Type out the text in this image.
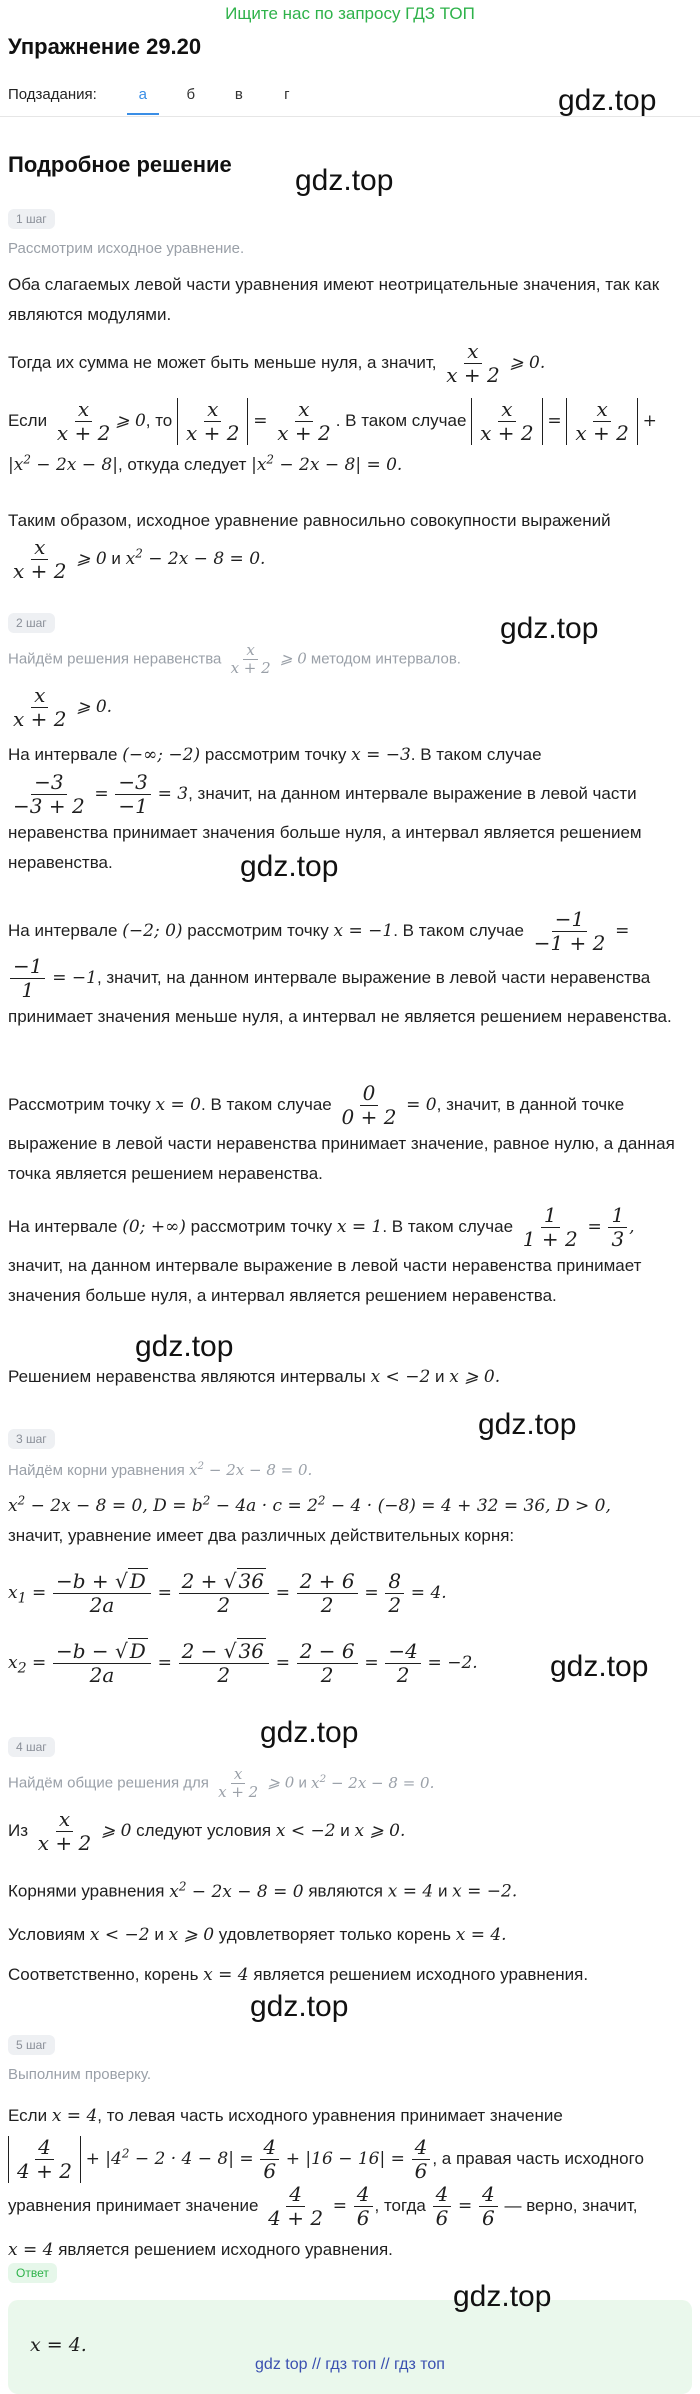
Ищите нас по запросу ГДЗ ТОП
Упражнение 29.20
Подзадания:	а	б	в	г	gdz.top
Подробное решение gdz.top
1 шаг
Рассмотрим исходное уравнение.
Оба слагаемых левой части уравнения имеют неотрицательные значения, так как являются модулями.
Тогда их сумма не может быть меньше нуля, а значит, $\frac{x}{x + 2}$ ⩾ 0.
Если $\frac{x}{x + 2}$ ⩾ 0, то $\frac{x}{x + 2} = \frac{x}{x + 2}$ . В таком случае $\frac{x}{x + 2} = \frac{x}{x + 2} + |x^2 - 2x - 8|$, откуда следует $|x^2 - 2x - 8| = 0$.
Таким образом, исходное уравнение равносильно совокупности выражений

$\frac{x}{x + 2}$ ⩾ 0 и $x^2 - 2x - 8 = 0$.
2 шаг	gdz.top
Найдём решения неравенства $\frac{x}{x + 2}$ ⩾ 0 методом интервалов.
$\frac{x}{x + 2}$ ⩾ 0.
На интервале (−∞; −2) рассмотрим точку x = −3. В таком случае

$\frac{-3}{-3 + 2} = \frac{-3}{-1} = 3$, значит, на данном интервале выражение в левой части неравенства принимает значения больше нуля, а интервал является решением неравенства.	gdz.top
На интервале (−2; 0) рассмотрим точку x = −1. В таком случае $\frac{-1}{-1 + 2}$ =

$\frac{-1}{1} = -1$, значит, на данном интервале выражение в левой части неравенства принимает значения меньше нуля, а интервал не является решением неравенства.
Рассмотрим точку x = 0. В таком случае $\frac{0}{0 + 2} = 0$, значит, в данной точке выражение в левой части неравенства принимает значение, равное нулю, а данная точка является решением неравенства.
На интервале (0; +∞) рассмотрим точку x = 1. В таком случае $\frac{1}{1 + 2} = \frac{1}{3}$ , значит, на данном интервале выражение в левой части неравенства принимает значения больше нуля, а интервал является решением неравенства.
gdz.top
Решением неравенства являются интервалы x < −2 и x ⩾ 0.
gdz.top
3 шаг
Найдём корни уравнения $x^2 - 2x - 8 = 0$.
$x^2 - 2x - 8 = 0$, $D = b^2 - 4a \cdot c = 2^2 - 4 \cdot (-8) = 4 + 32 = 36$, D > 0,
значит, уравнение имеет два различных действительных корня:
$x_1 = \frac{-b + √ D}{2a} = \frac{2 + √ 36}{2} = \frac{2 + 6}{2} = \frac{8}{2} = 4$.
$x_2 = \frac{-b - √ D}{2a} = \frac{2 - √ 36}{2} = \frac{2 - 6}{2} = \frac{-4}{2} = -2$.	gdz.top
gdz.top
4 шаг
Найдём общие решения для $\frac{x}{x + 2}$ ⩾ 0 и $x^2 - 2x - 8 = 0$.
Из $\frac{x}{x + 2}$ ⩾ 0 следуют условия x < −2 и x ⩾ 0.
Корнями уравнения $x^2 - 2x - 8 = 0$ являются x = 4 и x = −2.
Условиям x < −2 и x ⩾ 0 удовлетворяет только корень x = 4.
Соответственно, корень x = 4 является решением исходного уравнения.
gdz.top
5 шаг
Выполним проверку.
Если x = 4, то левая часть исходного уравнения принимает значение

$\frac{4}{4 + 2} + |4^2 - 2 \cdot 4 - 8| = \frac{4}{6} + |16 - 16| = \frac{4}{6}$ , а правая часть исходного уравнения принимает значение $\frac{4}{4 + 2} = \frac{4}{6}$ , тогда $\frac{4}{6} = \frac{4}{6}$ — верно, значит,
x = 4 является решением исходного уравнения.
Ответ
x = 4.
gdz.top
gdz top // гдз топ // гдз топ
